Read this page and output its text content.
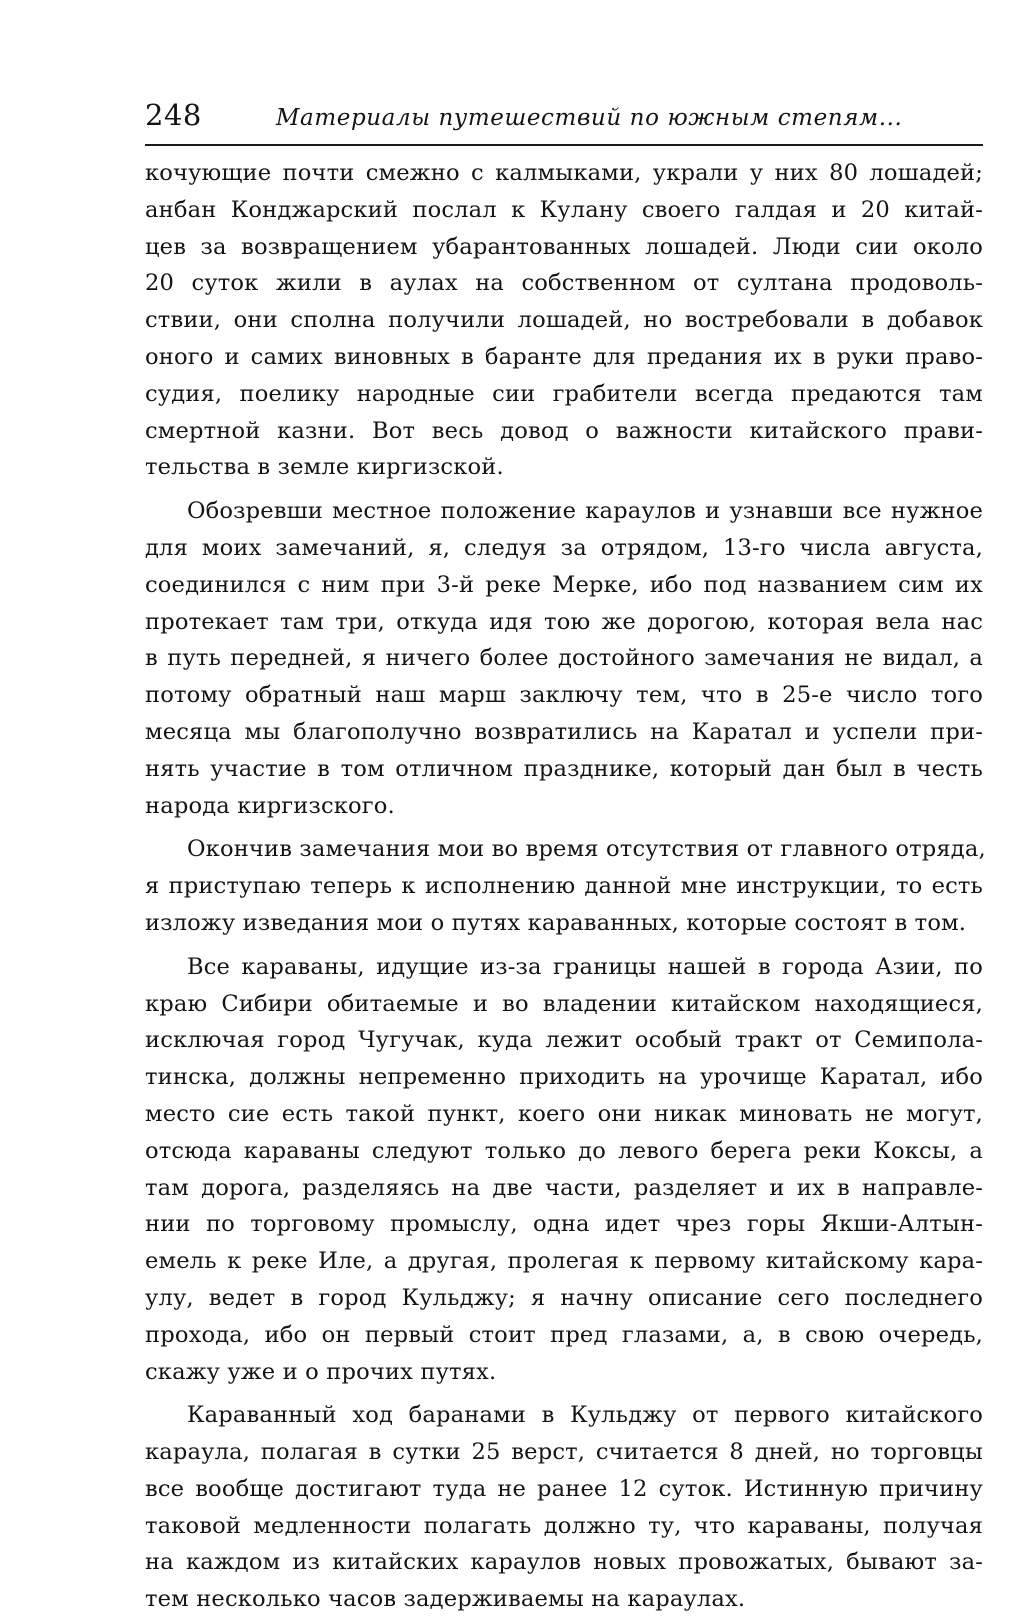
248	Материалы путешествий по южным степям...
кочующие почти смежно с калмыками, украли у них 80 лошадей;
анбан Конджарский послал к Кулану своего галдая и 20 китай-
цев за возвращением убарантованных лошадей. Люди сии около
20 суток жили в аулах на собственном от султана продоволь-
ствии, они сполна получили лошадей, но востребовали в добавок
оного и самих виновных в баранте для предания их в руки право-
судия, поелику народные сии грабители всегда предаются там
смертной казни. Вот весь довод о важности китайского прави-
тельства в земле киргизской.
Обозревши местное положение караулов и узнавши все нужное
для моих замечаний, я, следуя за отрядом, 13-го числа августа,
соединился с ним при 3-й реке Мерке, ибо под названием сим их
протекает там три, откуда идя тою же дорогою, которая вела нас
в путь передней, я ничего более достойного замечания не видал, а
потому обратный наш марш заключу тем, что в 25-е число того
месяца мы благополучно возвратились на Каратал и успели при-
нять участие в том отличном празднике, который дан был в честь
народа киргизского.
Окончив замечания мои во время отсутствия от главного отряда,
я приступаю теперь к исполнению данной мне инструкции, то есть
изложу изведания мои о путях караванных, которые состоят в том.
Все караваны, идущие из-за границы нашей в города Азии, по
краю Сибири обитаемые и во владении китайском находящиеся,
исключая город Чугучак, куда лежит особый тракт от Семипола-
тинска, должны непременно приходить на урочище Каратал, ибо
место сие есть такой пункт, коего они никак миновать не могут,
отсюда караваны следуют только до левого берега реки Коксы, а
там дорога, разделяясь на две части, разделяет и их в направле-
нии по торговому промыслу, одна идет чрез горы Якши-Алтын-
емель к реке Иле, а другая, пролегая к первому китайскому кара-
улу, ведет в город Кульджу; я начну описание сего последнего
прохода, ибо он первый стоит пред глазами, а, в свою очередь,
скажу уже и о прочих путях.
Караванный ход баранами в Кульджу от первого китайского
караула, полагая в сутки 25 верст, считается 8 дней, но торговцы
все вообще достигают туда не ранее 12 суток. Истинную причину
таковой медленности полагать должно ту, что караваны, получая
на каждом из китайских караулов новых провожатых, бывают за-
тем несколько часов задерживаемы на караулах.
